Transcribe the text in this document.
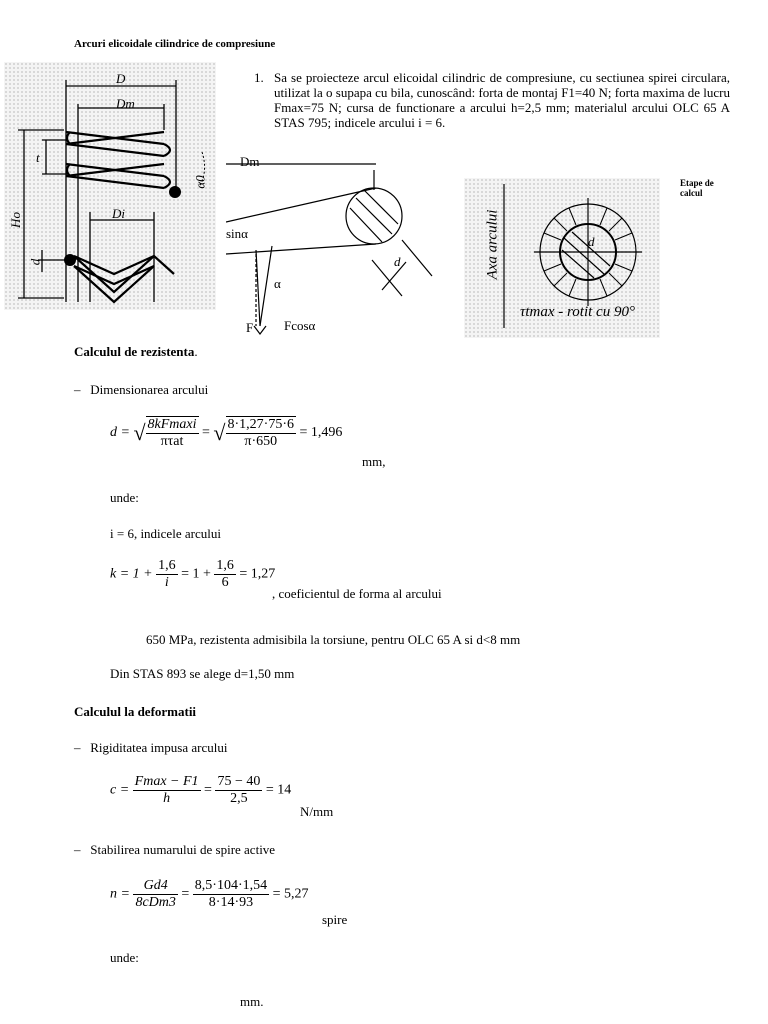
Arcuri elicoidale cilindrice de compresiune
D
Dm
t
α0
Ho	Di
d
1. Sa se proiecteze arcul elicoidal cilindric de compresiune, cu sectiunea spirei circulara, utilizat la o supapa cu bila, cunoscând: forta de montaj F1=40 N; forta maxima de lucru Fmax=75 N; cursa de functionare a arcului h=2,5 mm; materialul arcului OLC 65 A STAS 795; indicele arcului i = 6.
Dm
d
sinα
α
F Fcosα
Axa arcului	d
τtmax - rotit cu 90°
Etape de calcul
Calculul de rezistenta.
–   Dimensionarea arcului
d = √ $\frac{8kFmaxi}{\text{πτat}}$ = √ $\frac{8\cdot 1,27\cdot 75\cdot 6}{\pi\cdot 650} = 1,496$
mm,
unde:
i = 6, indicele arcului
$k = 1 + \frac{1,6}{i} = 1 + \frac{1,6}{6} = 1,27$
, coeficientul de forma al arcului
650 MPa, rezistenta admisibila la torsiune, pentru OLC 65 A si d<8 mm
Din STAS 893 se alege d=1,50 mm
Calculul la deformatii
–   Rigiditatea impusa arcului
$c = \frac{Fmax - F1}{h} = \frac{75 - 40}{2,5} = 14$
N/mm
–   Stabilirea numarului de spire active
$n = \frac{Gd4}{\text{8cDm3}} = \frac{8,5\cdot 104\cdot 1,54}{8\cdot 14\cdot 93} = 5,27$
spire
unde:
mm.
